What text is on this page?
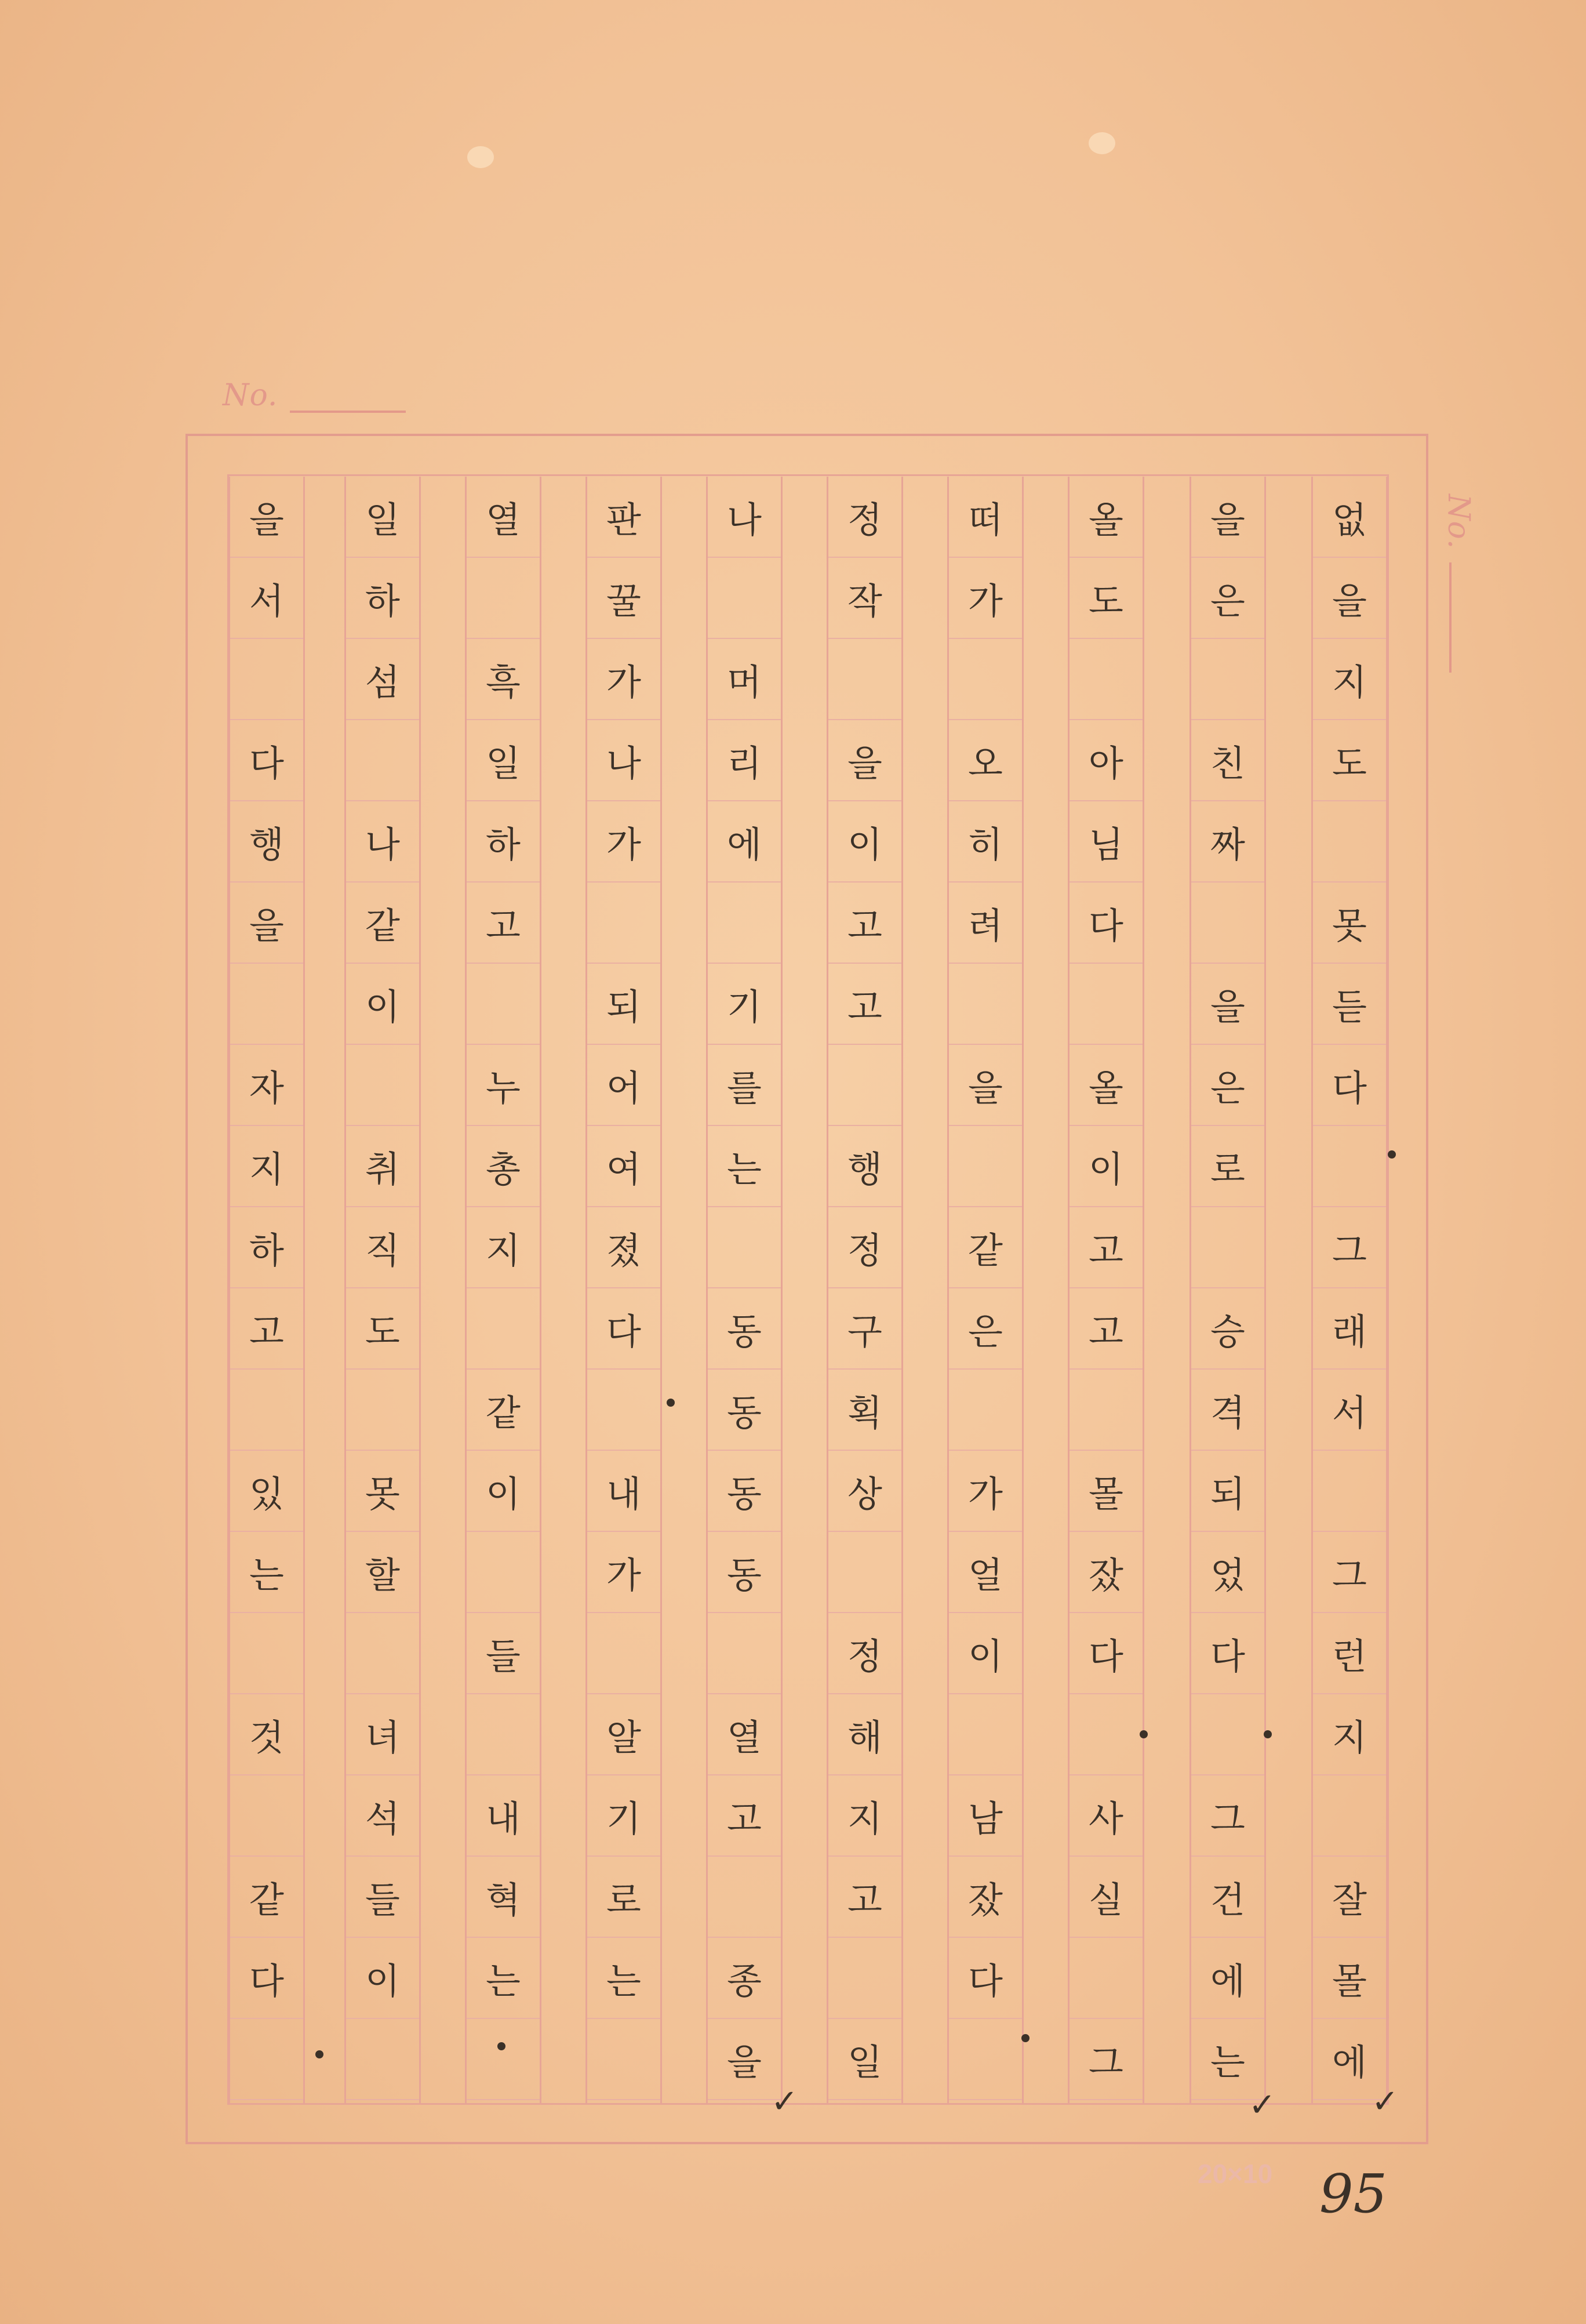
No.
No.
없
을
지
도
못
듣
다
그
래
서
그
런
지
잘
몰
에
을
은
친
짜
을
은
로
승
격
되
었
다
그
건
에
는
올
도
아
님
다
올
이
고
고
몰
잤
다
사
실
그
떠
가
오
히
려
을
같
은
가
얼
이
남
잤
다
정
작
을
이
고
고
행
정
구
획
상
정
해
지
고
일
나
머
리
에
기
를
는
동
동
동
동
열
고
종
을
판
꿀
가
나
가
되
어
여
졌
다
내
가
알
기
로
는
열
흑
일
하
고
누
총
지
같
이
들
내
혁
는
일
하
섬
나
같
이
취
직
도
못
할
녀
석
들
이
을
서
다
행
을
자
지
하
고
있
는
것
같
다
✓	✓	✓
20×10 95
